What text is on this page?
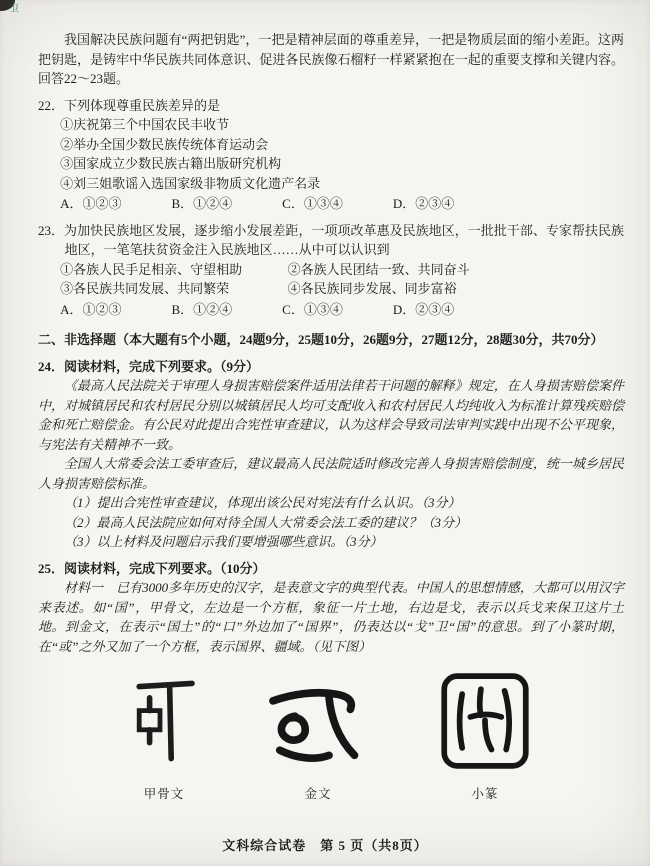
卫

我国解决民族问题有“两把钥匙”，一把是精神层面的尊重差异，一把是物质层面的缩小差距。这两把钥匙，是铸牢中华民族共同体意识、促进各民族像石榴籽一样紧紧抱在一起的重要支撑和关键内容。回答22～23题。

22．下列体现尊重民族差异的是

①庆祝第三个中国农民丰收节

②举办全国少数民族传统体育运动会

③国家成立少数民族古籍出版研究机构

④刘三姐歌谣入选国家级非物质文化遗产名录

A．①②③	B．①②④	C．①③④	D．②③④

23．为加快民族地区发展，逐步缩小发展差距，一项项改革惠及民族地区，一批批干部、专家帮扶民族地区，一笔笔扶贫资金注入民族地区……从中可以认识到

①各族人民手足相亲、守望相助	②各族人民团结一致、共同奋斗
③各民族共同发展、共同繁荣	④各民族同步发展、同步富裕
A．①②③	B．①②④	C．①③④	D．②③④

二、非选择题（本大题有5个小题，24题9分，25题10分，26题9分，27题12分，28题30分，共70分）

24．阅读材料，完成下列要求。（9分）

《最高人民法院关于审理人身损害赔偿案件适用法律若干问题的解释》规定，在人身损害赔偿案件中，对城镇居民和农村居民分别以城镇居民人均可支配收入和农村居民人均纯收入为标准计算残疾赔偿金和死亡赔偿金。有公民对此提出合宪性审查建议，认为这样会导致司法审判实践中出现不公平现象，与宪法有关精神不一致。

全国人大常委会法工委审查后，建议最高人民法院适时修改完善人身损害赔偿制度，统一城乡居民人身损害赔偿标准。

（1）提出合宪性审查建议，体现出该公民对宪法有什么认识。（3分）

（2）最高人民法院应如何对待全国人大常委会法工委的建议？（3分）

（3）以上材料及问题启示我们要增强哪些意识。（3分）

25．阅读材料，完成下列要求。（10分）

材料一　已有3000多年历史的汉字，是表意文字的典型代表。中国人的思想情感，大都可以用汉字来表述。如“国”，甲骨文，左边是一个方框，象征一片土地，右边是戈，表示以兵戈来保卫这片土地。到金文，在表示“国土”的“口”外边加了“国界”，仍表达以“戈”卫“国”的意思。到了小篆时期，在“或”之外又加了一个方框，表示国界、疆域。（见下图）

甲骨文	金文	小篆
文科综合试卷　第 5 页（共8页）
